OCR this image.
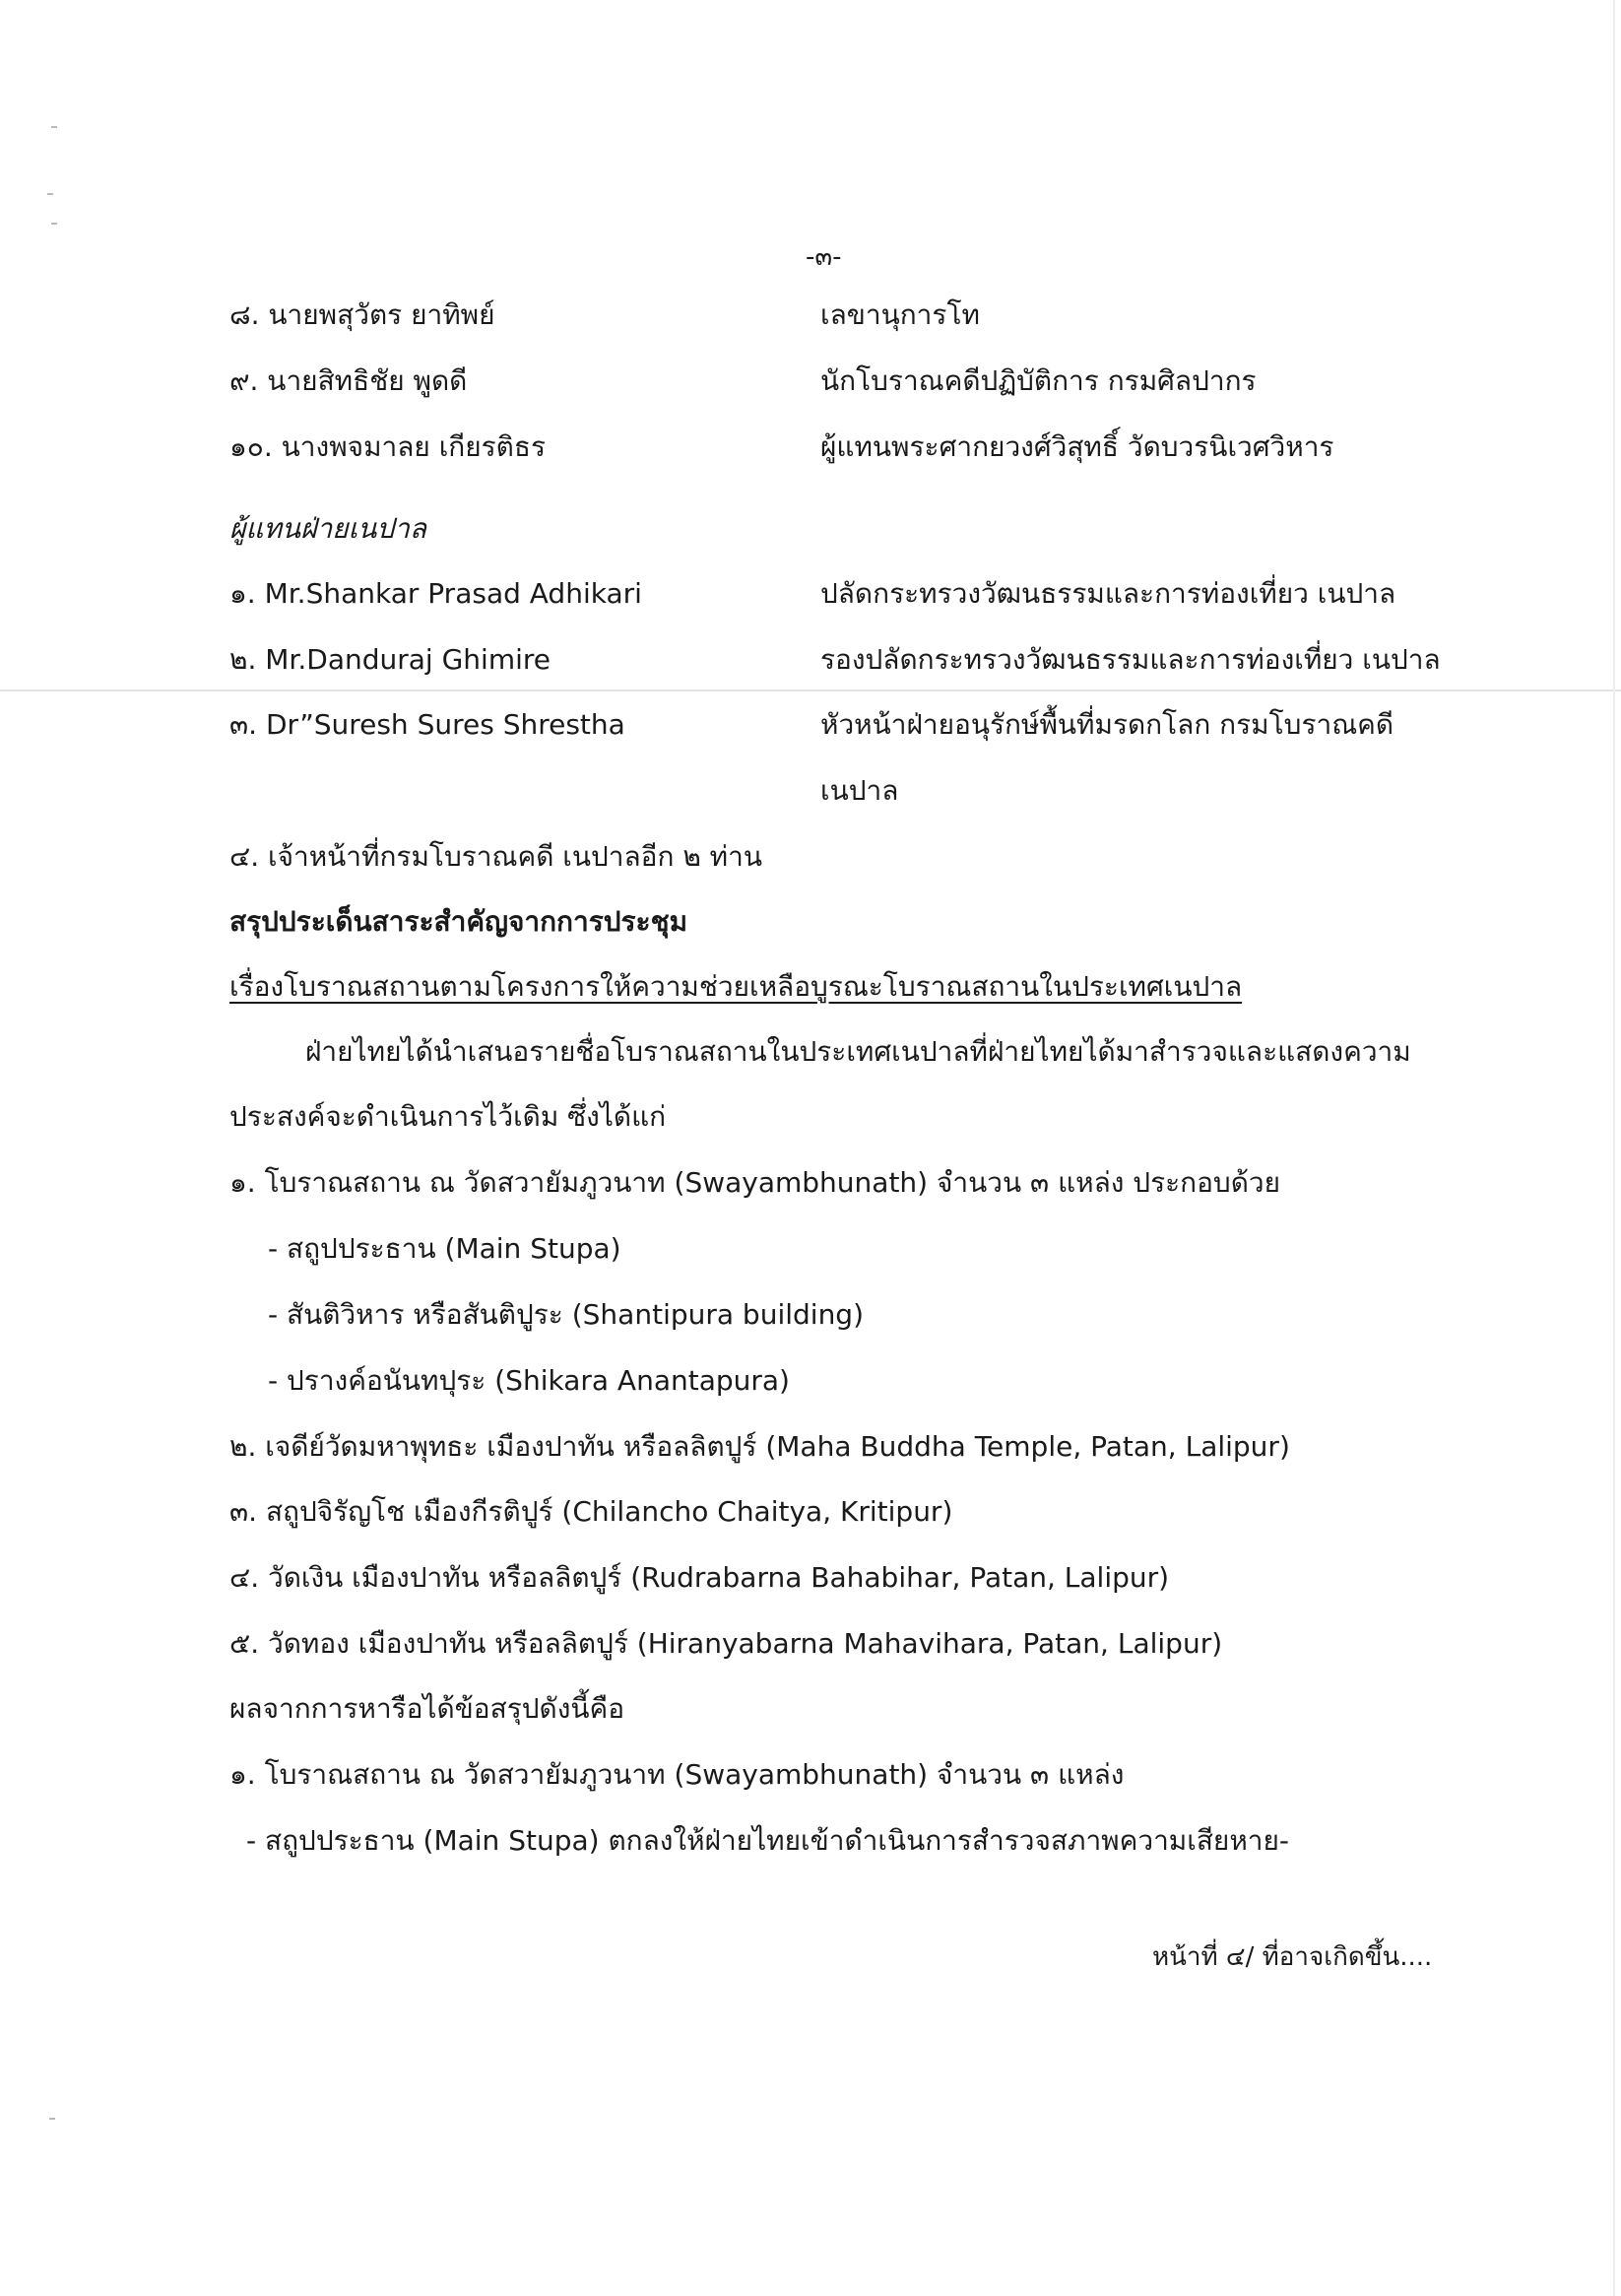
-๓-
๘. นายพสุวัตร ยาทิพย์	เลขานุการโท
๙. นายสิทธิชัย พูดดี	นักโบราณคดีปฏิบัติการ กรมศิลปากร
๑๐. นางพจมาลย เกียรติธร	ผู้แทนพระศากยวงศ์วิสุทธิ์ วัดบวรนิเวศวิหาร
ผู้แทนฝ่ายเนปาล
๑. Mr.Shankar Prasad Adhikari	ปลัดกระทรวงวัฒนธรรมและการท่องเที่ยว เนปาล
๒. Mr.Danduraj Ghimire	รองปลัดกระทรวงวัฒนธรรมและการท่องเที่ยว เนปาล
๓. Dr”Suresh Sures Shrestha	หัวหน้าฝ่ายอนุรักษ์พื้นที่มรดกโลก กรมโบราณคดี
เนปาล
๔. เจ้าหน้าที่กรมโบราณคดี เนปาลอีก ๒ ท่าน
สรุปประเด็นสาระสำคัญจากการประชุม
เรื่องโบราณสถานตามโครงการให้ความช่วยเหลือบูรณะโบราณสถานในประเทศเนปาล
ฝ่ายไทยได้นำเสนอรายชื่อโบราณสถานในประเทศเนปาลที่ฝ่ายไทยได้มาสำรวจและแสดงความ
ประสงค์จะดำเนินการไว้เดิม ซึ่งได้แก่
๑. โบราณสถาน ณ วัดสวายัมภูวนาท (Swayambhunath) จำนวน ๓ แหล่ง ประกอบด้วย
- สถูปประธาน (Main Stupa)
- สันติวิหาร หรือสันติปูระ (Shantipura building)
- ปรางค์อนันทปุระ (Shikara Anantapura)
๒. เจดีย์วัดมหาพุทธะ เมืองปาทัน หรือลลิตปูร์ (Maha Buddha Temple, Patan, Lalipur)
๓. สถูปจิรัญโช เมืองกีรติปูร์ (Chilancho Chaitya, Kritipur)
๔. วัดเงิน เมืองปาทัน หรือลลิตปูร์ (Rudrabarna Bahabihar, Patan, Lalipur)
๕. วัดทอง เมืองปาทัน หรือลลิตปูร์ (Hiranyabarna Mahavihara, Patan, Lalipur)
ผลจากการหารือได้ข้อสรุปดังนี้คือ
๑. โบราณสถาน ณ วัดสวายัมภูวนาท (Swayambhunath) จำนวน ๓ แหล่ง
- สถูปประธาน (Main Stupa) ตกลงให้ฝ่ายไทยเข้าดำเนินการสำรวจสภาพความเสียหาย-
หน้าที่ ๔/ ที่อาจเกิดขึ้น....
